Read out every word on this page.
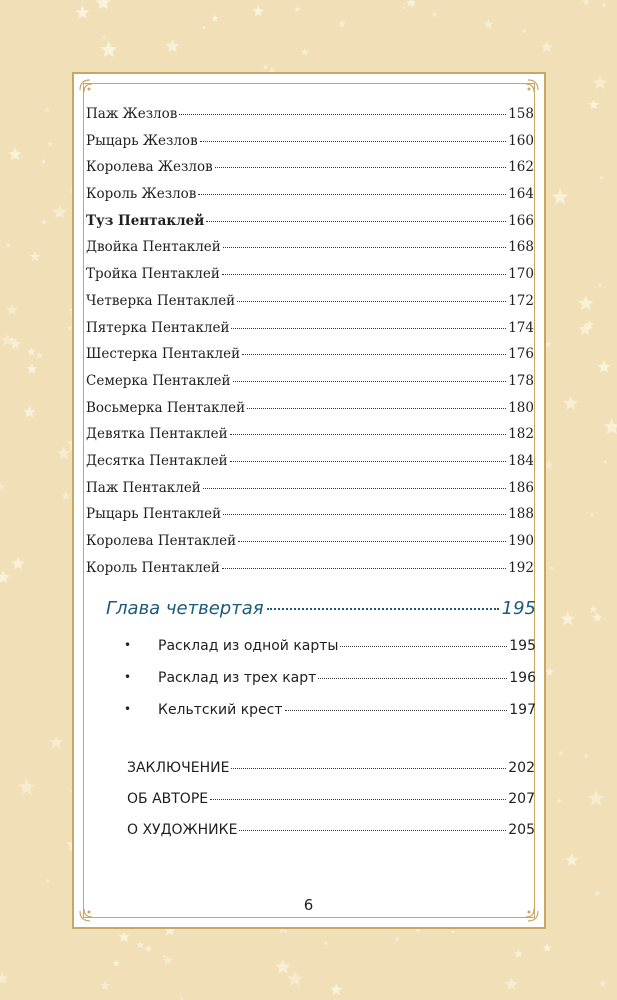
Паж Жезлов	158
Рыцарь Жезлов	160
Королева Жезлов	162
Король Жезлов	164
Туз Пентаклей	166
Двойка Пентаклей	168
Тройка Пентаклей	170
Четверка Пентаклей	172
Пятерка Пентаклей	174
Шестерка Пентаклей	176
Семерка Пентаклей	178
Восьмерка Пентаклей	180
Девятка Пентаклей	182
Десятка Пентаклей	184
Паж Пентаклей	186
Рыцарь Пентаклей	188
Королева Пентаклей	190
Король Пентаклей	192
Глава четвертая	195
• Расклад из одной карты	195
• Расклад из трех карт	196
• Кельтский крест	197
ЗАКЛЮЧЕНИЕ	202
ОБ АВТОРЕ	207
О ХУДОЖНИКЕ	205
6
